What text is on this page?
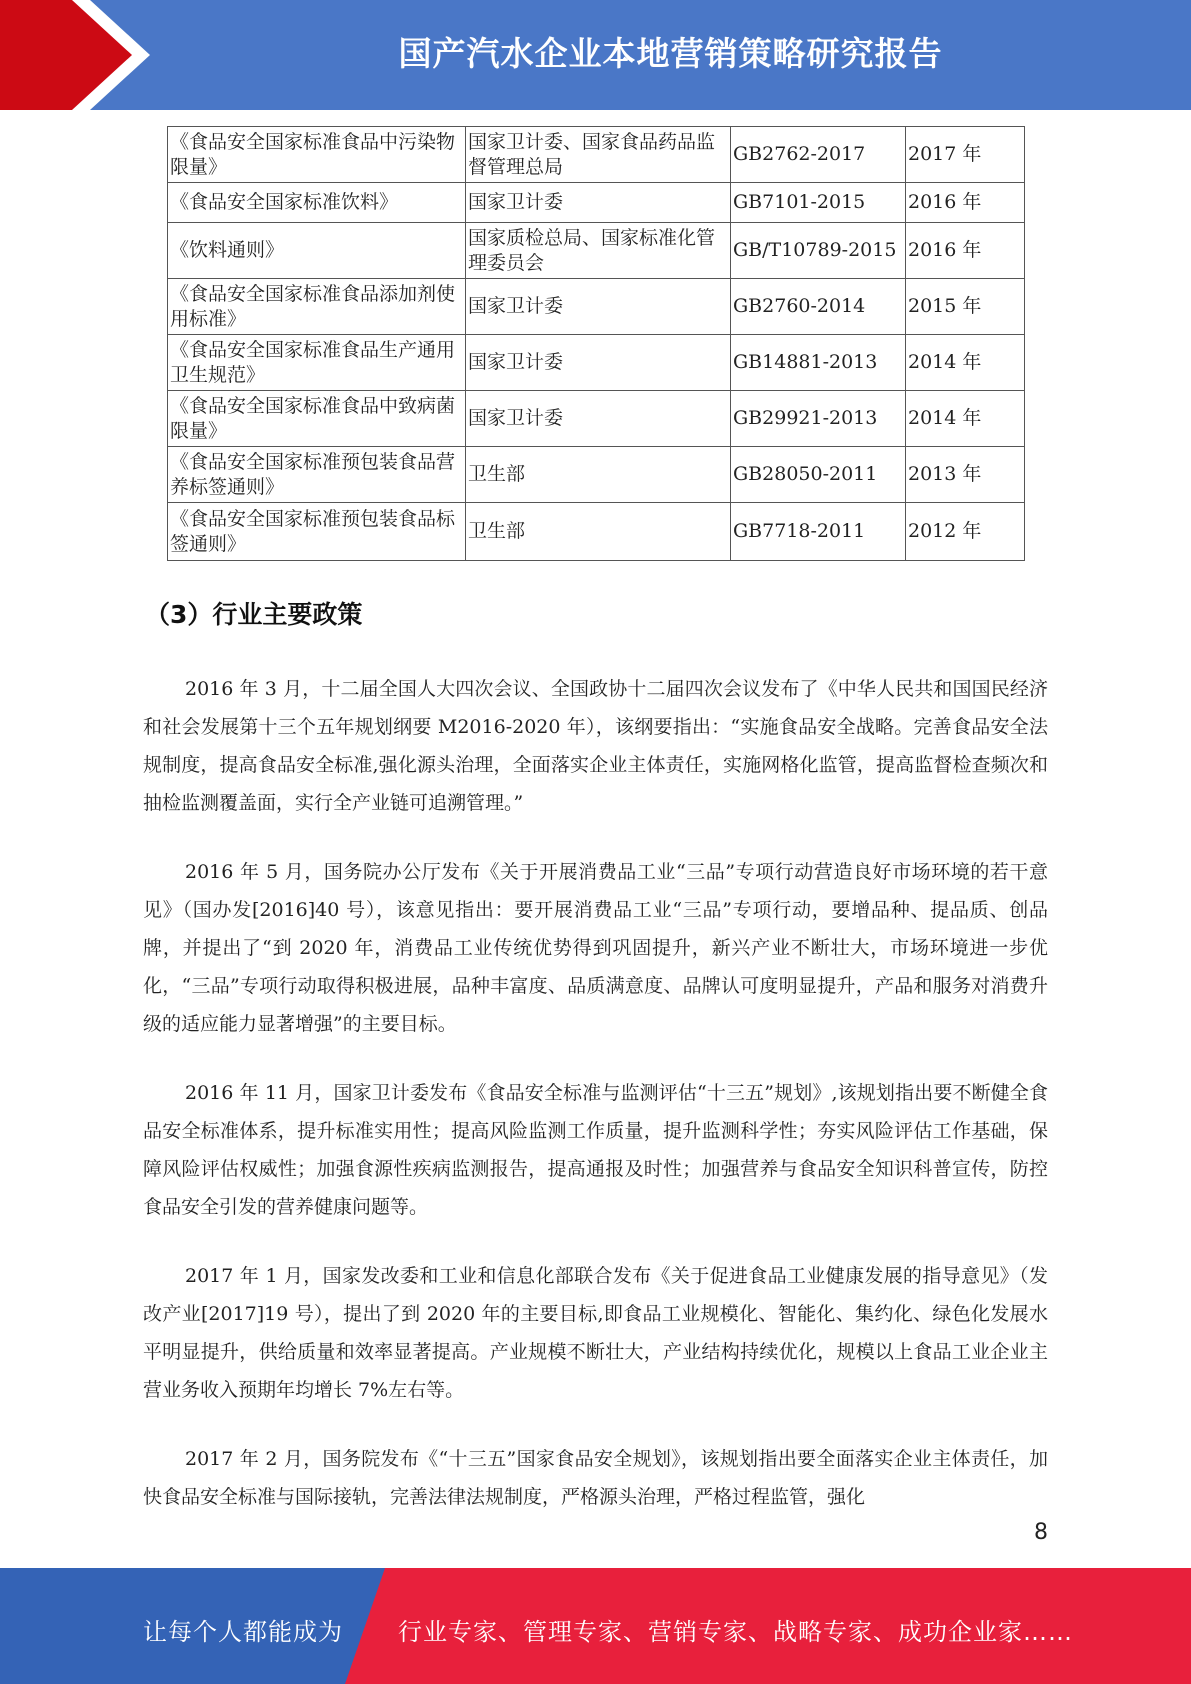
国产汽水企业本地营销策略研究报告
《食品安全国家标准食品中污染物限量》	国家卫计委、国家食品药品监督管理总局	GB2762-2017	2017 年
《食品安全国家标准饮料》	国家卫计委	GB7101-2015	2016 年
《饮料通则》	国家质检总局、国家标准化管理委员会	GB/T10789-2015	2016 年
《食品安全国家标准食品添加剂使用标准》	国家卫计委	GB2760-2014	2015 年
《食品安全国家标准食品生产通用卫生规范》	国家卫计委	GB14881-2013	2014 年
《食品安全国家标准食品中致病菌限量》	国家卫计委	GB29921-2013	2014 年
《食品安全国家标准预包装食品营养标签通则》	卫生部	GB28050-2011	2013 年
《食品安全国家标准预包装食品标签通则》	卫生部	GB7718-2011	2012 年
（3）行业主要政策

2016 年 3 月，十二届全国人大四次会议、全国政协十二届四次会议发布了《中华人民共和国国民经济和社会发展第十三个五年规划纲要 M2016-2020 年），该纲要指出：“实施食品安全战略。完善食品安全法规制度，提高食品安全标准,强化源头治理，全面落实企业主体责任，实施网格化监管，提高监督检查频次和抽检监测覆盖面，实行全产业链可追溯管理。”

2016 年 5 月，国务院办公厅发布《关于开展消费品工业“三品”专项行动营造良好市场环境的若干意见》（国办发[2016]40 号），该意见指出：要开展消费品工业“三品”专项行动，要增品种、提品质、创品牌，并提出了“到 2020 年，消费品工业传统优势得到巩固提升，新兴产业不断壮大，市场环境进一步优化，“三品”专项行动取得积极进展，品种丰富度、品质满意度、品牌认可度明显提升，产品和服务对消费升级的适应能力显著增强”的主要目标。

2016 年 11 月，国家卫计委发布《食品安全标准与监测评估“十三五”规划》,该规划指出要不断健全食品安全标准体系，提升标准实用性；提高风险监测工作质量，提升监测科学性；夯实风险评估工作基础，保障风险评估权威性；加强食源性疾病监测报告，提高通报及时性；加强营养与食品安全知识科普宣传，防控食品安全引发的营养健康问题等。

2017 年 1 月，国家发改委和工业和信息化部联合发布《关于促进食品工业健康发展的指导意见》（发改产业[2017]19 号），提出了到 2020 年的主要目标,即食品工业规模化、智能化、集约化、绿色化发展水平明显提升，供给质量和效率显著提高。产业规模不断壮大，产业结构持续优化，规模以上食品工业企业主营业务收入预期年均增长 7%左右等。

2017 年 2 月，国务院发布《“十三五”国家食品安全规划》，该规划指出要全面落实企业主体责任，加快食品安全标准与国际接轨，完善法律法规制度，严格源头治理，严格过程监管，强化

8
让每个人都能成为 行业专家、管理专家、营销专家、战略专家、成功企业家……
